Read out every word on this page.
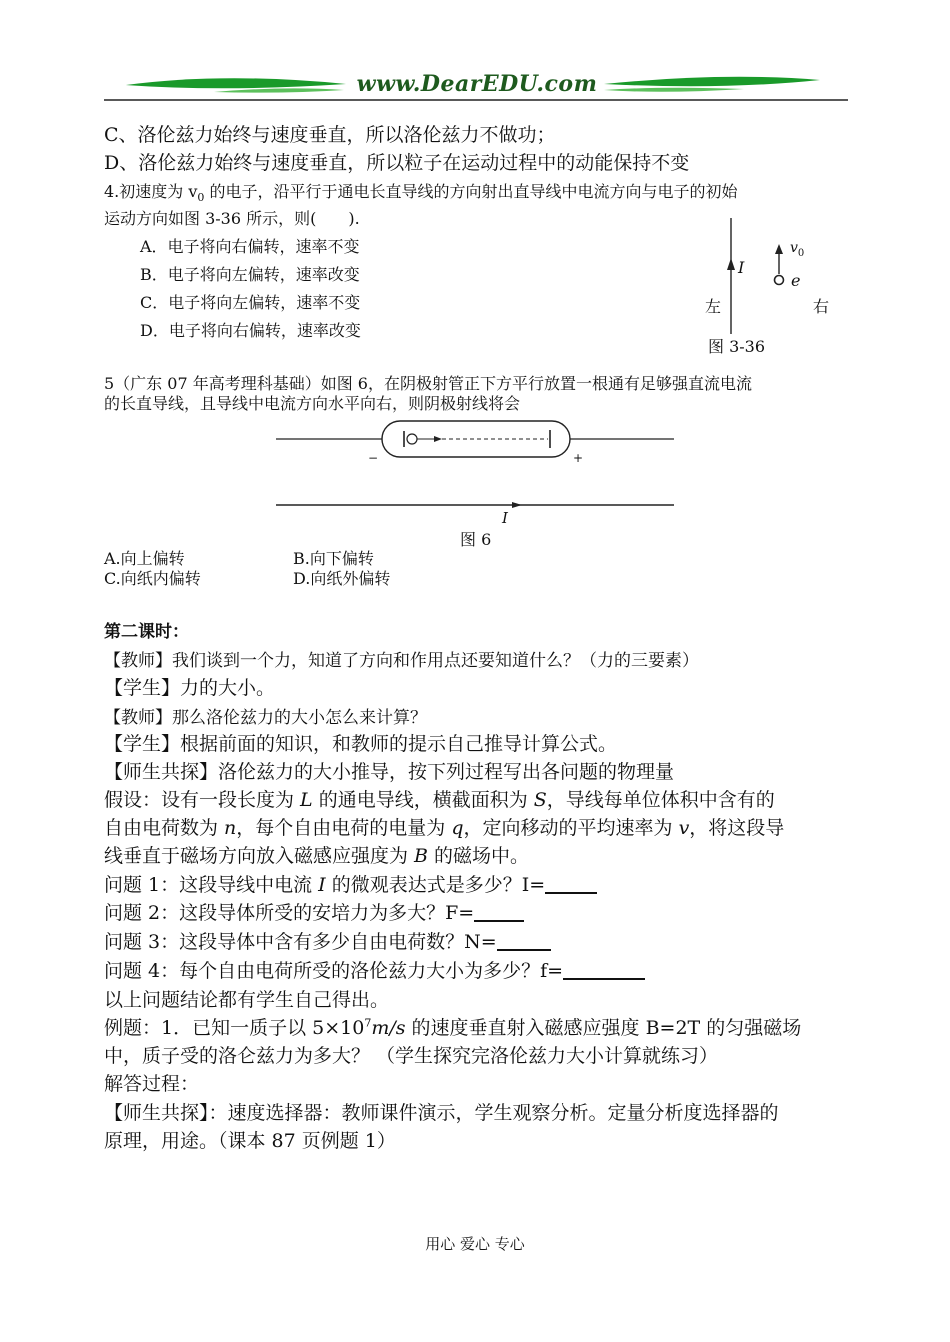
www.DearEDU.com
C、洛伦兹力始终与速度垂直，所以洛伦兹力不做功；
D、洛伦兹力始终与速度垂直，所以粒子在运动过程中的动能保持不变
4.初速度为 $v_0$ 的电子，沿平行于通电长直导线的方向射出直导线中电流方向与电子的初始
运动方向如图 3-36 所示，则(　　).
A．电子将向右偏转，速率不变
B．电子将向左偏转，速率改变
C．电子将向左偏转，速率不变
D．电子将向右偏转，速率改变
I
$v_0$
e
左	右
图 3-36
5（广东 07 年高考理科基础）如图 6，在阴极射管正下方平行放置一根通有足够强直流电流
的长直导线，且导线中电流方向水平向右，则阴极射线将会
−	+
I
图 6
A.向上偏转	B.向下偏转
C.向纸内偏转	D.向纸外偏转
第二课时：
【教师】我们谈到一个力，知道了方向和作用点还要知道什么？（力的三要素）
【学生】力的大小。
【教师】那么洛伦兹力的大小怎么来计算？
【学生】根据前面的知识，和教师的提示自己推导计算公式。
【师生共探】洛伦兹力的大小推导，按下列过程写出各问题的物理量
假设：设有一段长度为 L 的通电导线，横截面积为 S，导线每单位体积中含有的
自由电荷数为 n，每个自由电荷的电量为 q，定向移动的平均速率为 v，将这段导
线垂直于磁场方向放入磁感应强度为 B 的磁场中。
问题 1：这段导线中电流 I 的微观表达式是多少？I=
问题 2：这段导体所受的安培力为多大？F=
问题 3：这段导体中含有多少自由电荷数？N=
问题 4：每个自由电荷所受的洛伦兹力大小为多少？f=
以上问题结论都有学生自己得出。
例题：1．已知一质子以 $5\times 10^7m/s$ 的速度垂直射入磁感应强度 B=2T 的匀强磁场
中，质子受的洛仑兹力为多大？ （学生探究完洛伦兹力大小计算就练习）
解答过程：
【师生共探】：速度选择器：教师课件演示，学生观察分析。定量分析度选择器的
原理，用途。（课本 87 页例题 1）
用心 爱心 专心
